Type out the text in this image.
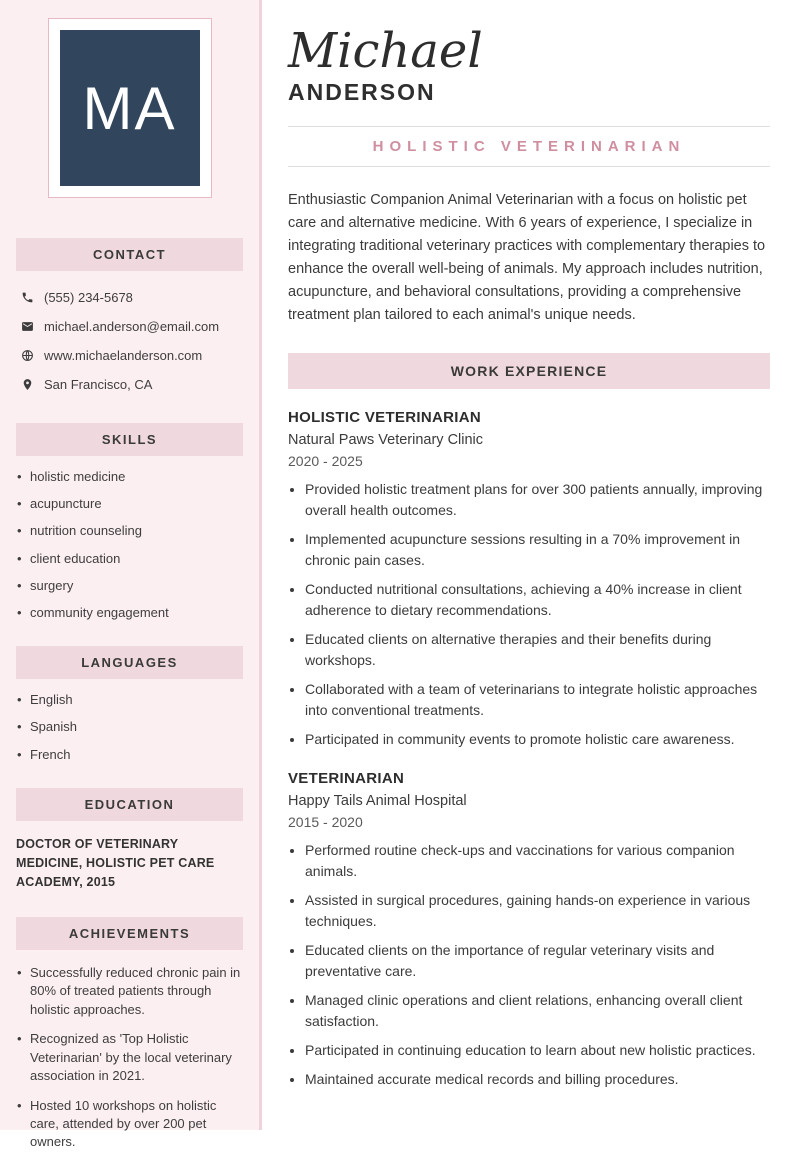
MA
CONTACT
(555) 234-5678
michael.anderson@email.com
www.michaelanderson.com
San Francisco, CA
SKILLS
• holistic medicine
• acupuncture
• nutrition counseling
• client education
• surgery
• community engagement
LANGUAGES
• English
• Spanish
• French
EDUCATION

DOCTOR OF VETERINARY MEDICINE, HOLISTIC PET CARE ACADEMY, 2015

ACHIEVEMENTS
• Successfully reduced chronic pain in 80% of treated patients through holistic approaches.
• Recognized as 'Top Holistic Veterinarian' by the local veterinary association in 2021.
• Hosted 10 workshops on holistic care, attended by over 200 pet owners.
Michael
ANDERSON
HOLISTIC VETERINARIAN

Enthusiastic Companion Animal Veterinarian with a focus on holistic pet care and alternative medicine. With 6 years of experience, I specialize in integrating traditional veterinary practices with complementary therapies to enhance the overall well-being of animals. My approach includes nutrition, acupuncture, and behavioral consultations, providing a comprehensive treatment plan tailored to each animal's unique needs.

WORK EXPERIENCE
HOLISTIC VETERINARIAN
Natural Paws Veterinary Clinic
2020 - 2025
• Provided holistic treatment plans for over 300 patients annually, improving overall health outcomes.
• Implemented acupuncture sessions resulting in a 70% improvement in chronic pain cases.
• Conducted nutritional consultations, achieving a 40% increase in client adherence to dietary recommendations.
• Educated clients on alternative therapies and their benefits during workshops.
• Collaborated with a team of veterinarians to integrate holistic approaches into conventional treatments.
• Participated in community events to promote holistic care awareness.
VETERINARIAN
Happy Tails Animal Hospital
2015 - 2020
• Performed routine check-ups and vaccinations for various companion animals.
• Assisted in surgical procedures, gaining hands-on experience in various techniques.
• Educated clients on the importance of regular veterinary visits and preventative care.
• Managed clinic operations and client relations, enhancing overall client satisfaction.
• Participated in continuing education to learn about new holistic practices.
• Maintained accurate medical records and billing procedures.
